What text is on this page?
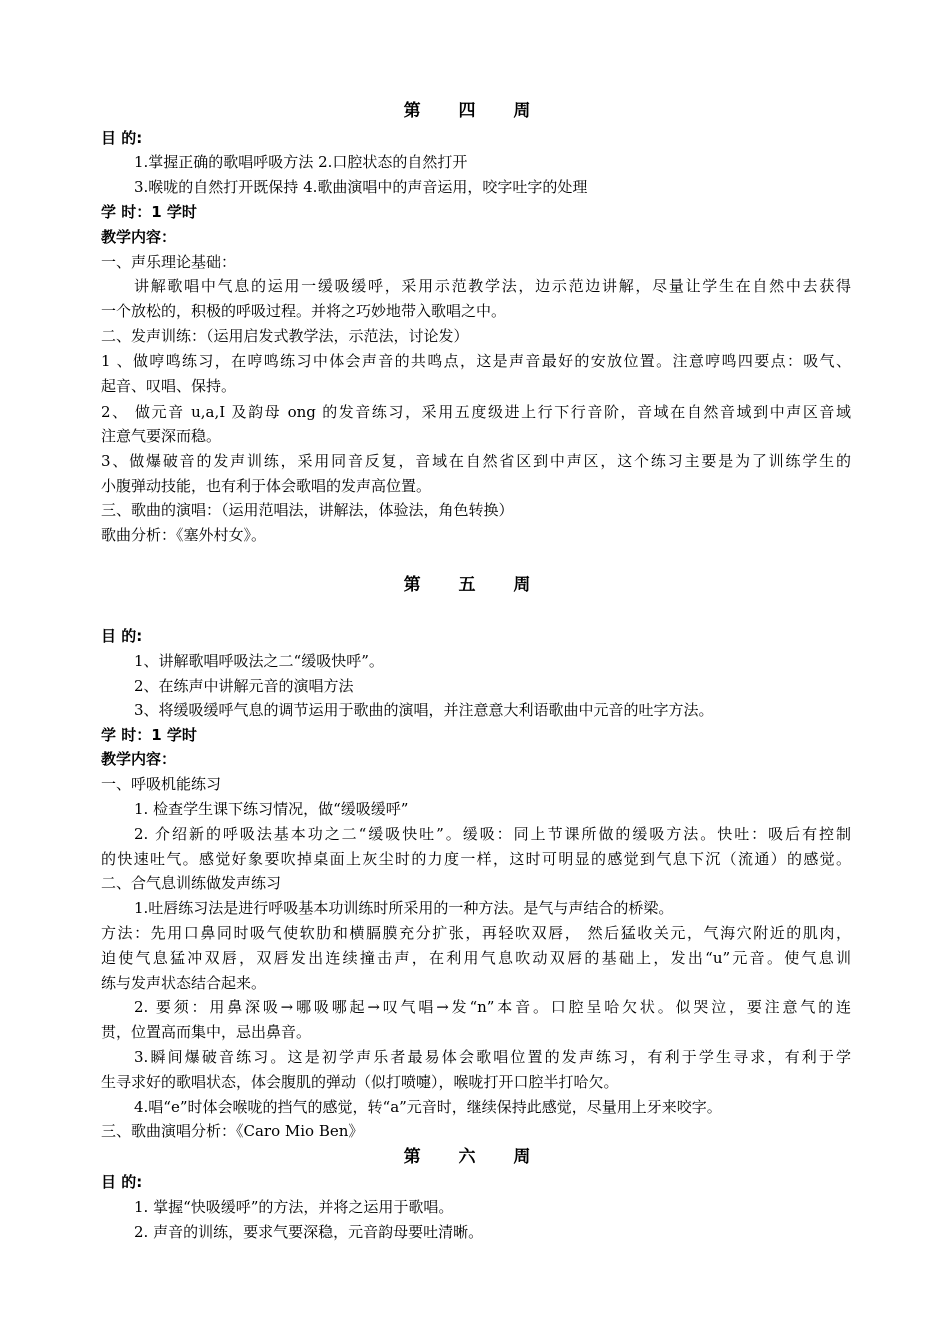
第 四 周
目 的:
1.掌握正确的歌唱呼吸方法 2.口腔状态的自然打开
3.喉咙的自然打开既保持 4.歌曲演唱中的声音运用，咬字吐字的处理
学 时：1 学时
教学内容：
一、声乐理论基础：
讲解歌唱中气息的运用一缓吸缓呼，采用示范教学法，边示范边讲解，尽量让学生在自然中去获得
一个放松的，积极的呼吸过程。并将之巧妙地带入歌唱之中。
二、发声训练：（运用启发式教学法，示范法，讨论发）
1 、做哼鸣练习，在哼鸣练习中体会声音的共鸣点，这是声音最好的安放位置。注意哼鸣四要点：吸气、
起音、叹唱、保持。
2、 做元音 u,a,I 及韵母 ong 的发音练习，采用五度级进上行下行音阶，音域在自然音域到中声区音域
注意气要深而稳。
3、做爆破音的发声训练，采用同音反复，音域在自然省区到中声区，这个练习主要是为了训练学生的
小腹弹动技能，也有利于体会歌唱的发声高位置。
三、歌曲的演唱：（运用范唱法，讲解法，体验法，角色转换）
歌曲分析：《塞外村女》。
第 五 周
目 的:
1、讲解歌唱呼吸法之二“缓吸快呼”。
2、在练声中讲解元音的演唱方法
3、将缓吸缓呼气息的调节运用于歌曲的演唱，并注意意大利语歌曲中元音的吐字方法。
学 时：1 学时
教学内容：
一、呼吸机能练习
1. 检查学生课下练习情况，做“缓吸缓呼”
2. 介绍新的呼吸法基本功之二“缓吸快吐”。缓吸：同上节课所做的缓吸方法。快吐：吸后有控制
的快速吐气。感觉好象要吹掉桌面上灰尘时的力度一样，这时可明显的感觉到气息下沉（流通）的感觉。
二、合气息训练做发声练习
1.吐唇练习法是进行呼吸基本功训练时所采用的一种方法。是气与声结合的桥梁。
方法：先用口鼻同时吸气使软肋和横膈膜充分扩张，再轻吹双唇， 然后猛收关元，气海穴附近的肌肉，
迫使气息猛冲双唇，双唇发出连续撞击声，在利用气息吹动双唇的基础上，发出“u”元音。使气息训
练与发声状态结合起来。
2. 要须：用鼻深吸→哪吸哪起→叹气唱→发“n”本音。口腔呈哈欠状。似哭泣，要注意气的连
贯，位置高而集中，忌出鼻音。
3.瞬间爆破音练习。这是初学声乐者最易体会歌唱位置的发声练习，有利于学生寻求，有利于学
生寻求好的歌唱状态，体会腹肌的弹动（似打喷嚏），喉咙打开口腔半打哈欠。
4.唱“e”时体会喉咙的挡气的感觉，转“a”元音时，继续保持此感觉，尽量用上牙来咬字。
三、歌曲演唱分析：《Caro Mio Ben》
第 六 周
目 的:
1. 掌握“快吸缓呼”的方法，并将之运用于歌唱。
2. 声音的训练，要求气要深稳，元音韵母要吐清晰。
